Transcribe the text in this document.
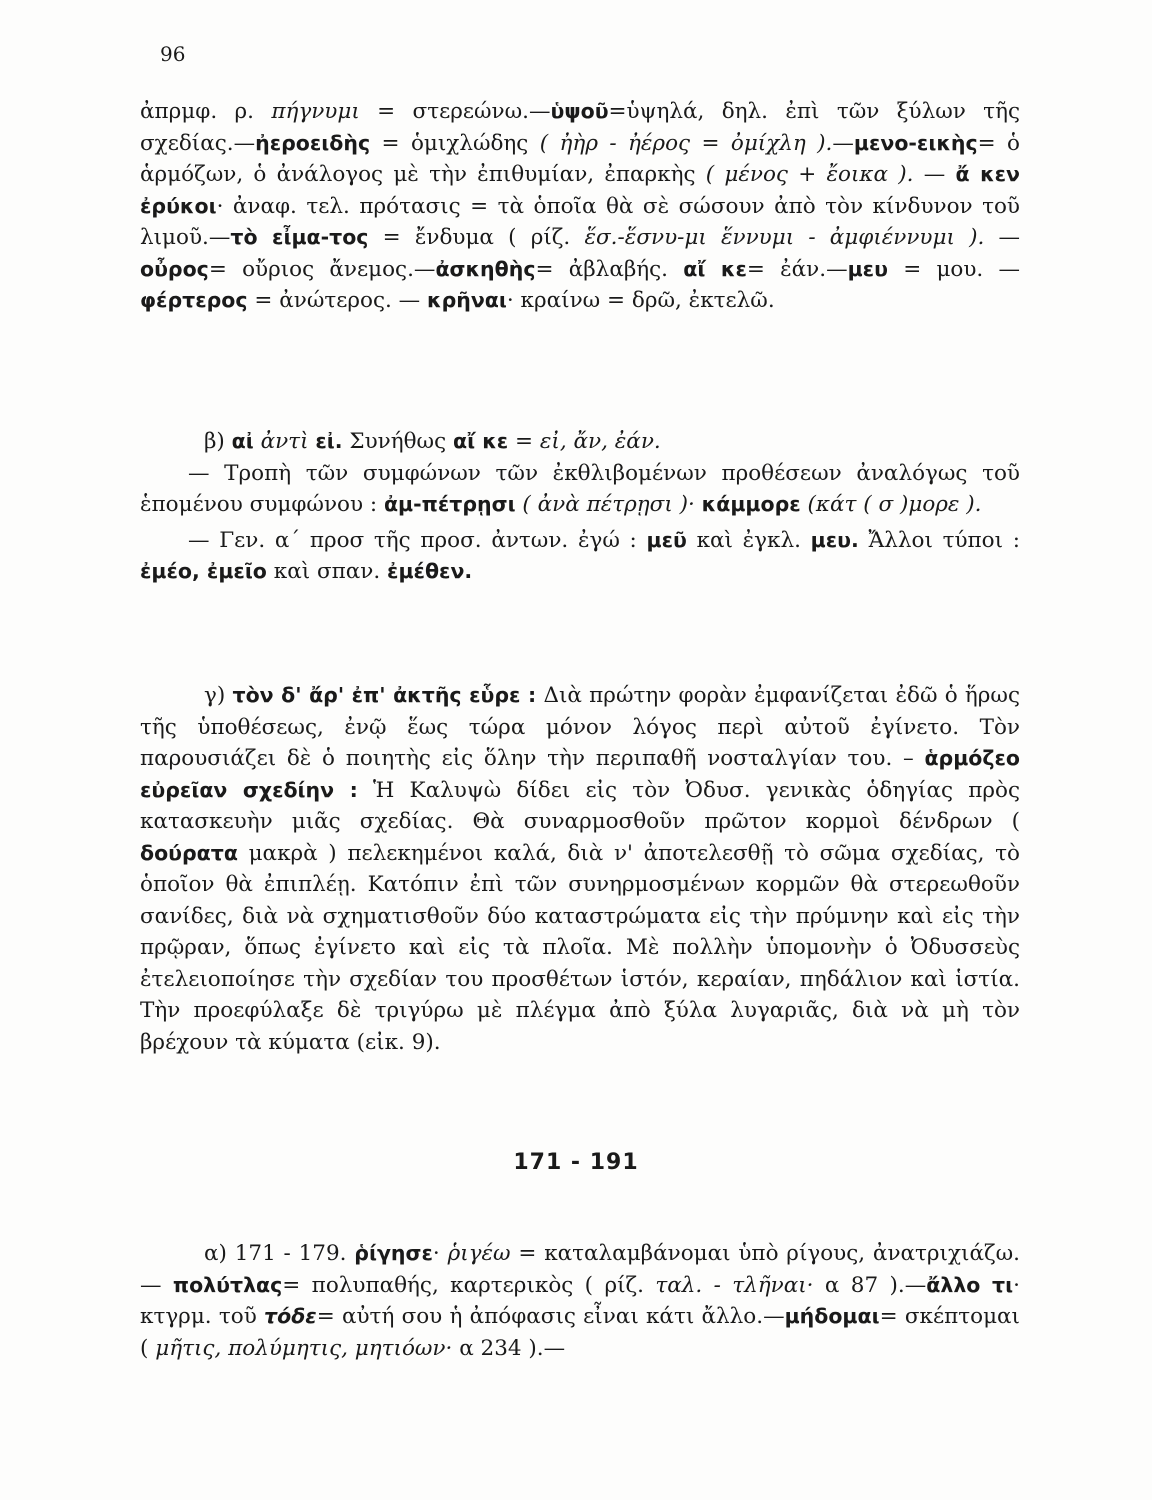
96

ἀπρμφ. ρ. πήγνυμι = στερεώνω.—ὑψοῦ=ὑψηλά, δηλ. ἐπὶ τῶν ξύλων τῆς σχεδίας.—ἠεροειδὴς = ὁμιχλώδης ( ἠὴρ - ἠέρος = ὀμίχλη ).—μενο-εικὴς= ὁ ἁρμόζων, ὁ ἀνάλογος μὲ τὴν ἐπιθυμίαν, ἐπαρκὴς ( μένος + ἔοικα ). — ἄ κεν ἐρύκοι· ἀναφ. τελ. πρότασις = τὰ ὁποῖα θὰ σὲ σώσουν ἀπὸ τὸν κίνδυνον τοῦ λιμοῦ.—τὸ εἶμα-τος = ἔνδυμα ( ρίζ. ἕσ.-ἕσνυ-μι ἕννυμι - ἀμφιέννυμι ). — οὖρος= οὔριος ἄνεμος.—ἀσκηθὴς= ἀβλαβής. αἴ κε= ἐάν.—μευ = μου. — φέρτερος = ἀνώτερος. — κρῆναι· κραίνω = δρῶ, ἐκτελῶ.

β) αἰ ἀντὶ εἰ. Συνήθως αἴ κε = εἰ, ἄν, ἐάν.

— Τροπὴ τῶν συμφώνων τῶν ἐκθλιβομένων προθέσεων ἀναλόγως τοῦ ἑπομένου συμφώνου : ἀμ-πέτρῃσι ( ἀνὰ πέτρῃσι )· κάμμορε (κάτ ( σ )μορε ).

— Γεν. α΄ προσ τῆς προσ. ἀντων. ἐγώ : μεῦ καὶ ἐγκλ. μευ. Ἄλλοι τύποι : ἐμέο, ἐμεῖο καὶ σπαν. ἐμέθεν.

γ) τὸν δ' ἄρ' ἐπ' ἀκτῆς εὗρε : Διὰ πρώτην φορὰν ἐμφανίζεται ἐδῶ ὁ ἥρως τῆς ὑποθέσεως, ἐνῷ ἕως τώρα μόνον λόγος περὶ αὐτοῦ ἐγίνετο. Τὸν παρουσιάζει δὲ ὁ ποιητὴς εἰς ὅλην τὴν περιπαθῆ νοσταλγίαν του. – ἁρμόζεο εὐρεῖαν σχεδίην : Ἡ Καλυψὼ δίδει εἰς τὸν Ὀδυσ. γενικὰς ὁδηγίας πρὸς κατασκευὴν μιᾶς σχεδίας. Θὰ συναρμοσθοῦν πρῶτον κορμοὶ δένδρων ( δούρατα μακρὰ ) πελεκημένοι καλά, διὰ ν' ἀποτελεσθῇ τὸ σῶμα σχεδίας, τὸ ὁποῖον θὰ ἐπιπλέῃ. Κατόπιν ἐπὶ τῶν συνηρμοσμένων κορμῶν θὰ στερεωθοῦν σανίδες, διὰ νὰ σχηματισθοῦν δύο καταστρώματα εἰς τὴν πρύμνην καὶ εἰς τὴν πρῷραν, ὅπως ἐγίνετο καὶ εἰς τὰ πλοῖα. Μὲ πολλὴν ὑπομονὴν ὁ Ὀδυσσεὺς ἐτελειοποίησε τὴν σχεδίαν του προσθέτων ἱστόν, κεραίαν, πηδάλιον καὶ ἱστία. Τὴν προεφύλαξε δὲ τριγύρω μὲ πλέγμα ἀπὸ ξύλα λυγαριᾶς, διὰ νὰ μὴ τὸν βρέχουν τὰ κύματα (εἰκ. 9).

171 - 191

α) 171 - 179. ῥίγησε· ῥιγέω = καταλαμβάνομαι ὑπὸ ρίγους, ἀνατριχιάζω. — πολύτλας= πολυπαθής, καρτερικὸς ( ρίζ. ταλ. - τλῆναι· α 87 ).—ἄλλο τι· κτγρμ. τοῦ τόδε= αὐτή σου ἡ ἀπόφασις εἶναι κάτι ἄλλο.—μήδομαι= σκέπτομαι ( μῆτις, πολύμητις, μητιόων· α 234 ).—
